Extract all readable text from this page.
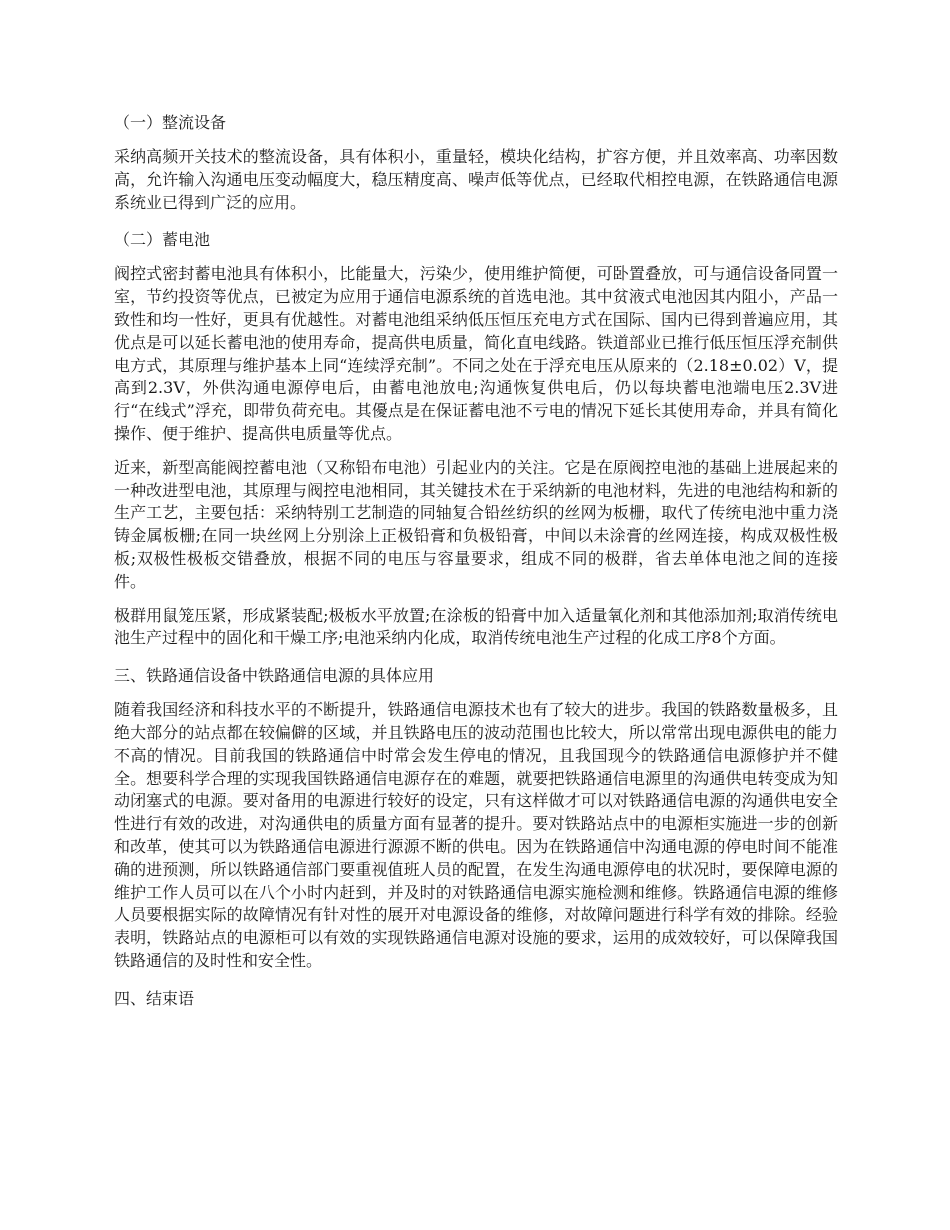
（一）整流设备

采纳高频开关技术的整流设备，具有体积小，重量轻，模块化结构，扩容方便，并且效率高、功率因数高，允许输入沟通电压变动幅度大，稳压精度高、噪声低等优点，已经取代相控电源，在铁路通信电源系统业已得到广泛的应用。

（二）蓄电池

阀控式密封蓄电池具有体积小，比能量大，污染少，使用维护简便，可卧置叠放，可与通信设备同置一室，节约投资等优点，已被定为应用于通信电源系统的首选电池。其中贫液式电池因其内阻小，产品一致性和均一性好，更具有优越性。对蓄电池组采纳低压恒压充电方式在国际、国内已得到普遍应用，其优点是可以延长蓄电池的使用寿命，提高供电质量，简化直电线路。铁道部业已推行低压恒压浮充制供电方式，其原理与维护基本上同“连续浮充制”。不同之处在于浮充电压从原来的（2.18±0.02）V，提高到2.3V，外供沟通电源停电后，由蓄电池放电;沟通恢复供电后，仍以每块蓄电池端电压2.3V进行“在线式”浮充，即带负荷充电。其優点是在保证蓄电池不亏电的情况下延长其使用寿命，并具有简化操作、便于维护、提高供电质量等优点。

近来，新型高能阀控蓄电池（又称铅布电池）引起业内的关注。它是在原阀控电池的基础上进展起来的一种改进型电池，其原理与阀控电池相同，其关键技术在于采纳新的电池材料，先进的电池结构和新的生产工艺，主要包括：采纳特别工艺制造的同轴复合铅丝纺织的丝网为板栅，取代了传统电池中重力浇铸金属板栅;在同一块丝网上分别涂上正极铅膏和负极铅膏，中间以未涂膏的丝网连接，构成双极性极板;双极性极板交错叠放，根据不同的电压与容量要求，组成不同的极群，省去单体电池之间的连接件。

极群用鼠笼压紧，形成紧装配;极板水平放置;在涂板的铅膏中加入适量氧化剂和其他添加剂;取消传统电池生产过程中的固化和干燥工序;电池采纳内化成，取消传统电池生产过程的化成工序8个方面。

三、铁路通信设备中铁路通信电源的具体应用

随着我国经济和科技水平的不断提升，铁路通信电源技术也有了较大的进步。我国的铁路数量极多，且绝大部分的站点都在较偏僻的区域，并且铁路电压的波动范围也比较大，所以常常出现电源供电的能力不高的情况。目前我国的铁路通信中时常会发生停电的情况，且我国现今的铁路通信电源修护并不健全。想要科学合理的实现我国铁路通信电源存在的难题，就要把铁路通信电源里的沟通供电转变成为知动闭塞式的电源。要对备用的电源进行较好的设定，只有这样做才可以对铁路通信电源的沟通供电安全性进行有效的改进，对沟通供电的质量方面有显著的提升。要对铁路站点中的电源柜实施进一步的创新和改革，使其可以为铁路通信电源进行源源不断的供电。因为在铁路通信中沟通电源的停电时间不能准确的进预测，所以铁路通信部门要重视值班人员的配置，在发生沟通电源停电的状况时，要保障电源的维护工作人员可以在八个小时内赶到，并及时的对铁路通信电源实施检测和维修。铁路通信电源的维修人员要根据实际的故障情况有针对性的展开对电源设备的维修，对故障问题进行科学有效的排除。经验表明，铁路站点的电源柜可以有效的实现铁路通信电源对设施的要求，运用的成效较好，可以保障我国铁路通信的及时性和安全性。

四、结束语
